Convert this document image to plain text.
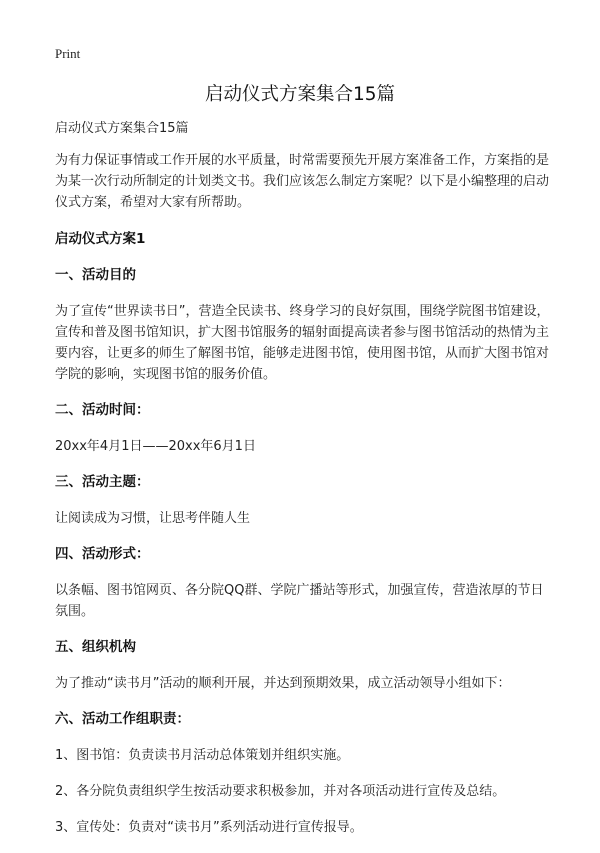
Print
启动仪式方案集合15篇

启动仪式方案集合15篇

为有力保证事情或工作开展的水平质量，时常需要预先开展方案准备工作，方案指的是为某一次行动所制定的计划类文书。我们应该怎么制定方案呢？以下是小编整理的启动仪式方案，希望对大家有所帮助。

启动仪式方案1
一、活动目的

为了宣传“世界读书日”，营造全民读书、终身学习的良好氛围，围绕学院图书馆建设，宣传和普及图书馆知识，扩大图书馆服务的辐射面提高读者参与图书馆活动的热情为主要内容，让更多的师生了解图书馆，能够走进图书馆，使用图书馆，从而扩大图书馆对学院的影响，实现图书馆的服务价值。

二、活动时间：

20xx年4月1日——20xx年6月1日

三、活动主题：

让阅读成为习惯，让思考伴随人生

四、活动形式：

以条幅、图书馆网页、各分院QQ群、学院广播站等形式，加强宣传，营造浓厚的节日氛围。

五、组织机构

为了推动“读书月”活动的顺利开展，并达到预期效果，成立活动领导小组如下：

六、活动工作组职责：

1、图书馆：负责读书月活动总体策划并组织实施。

2、各分院负责组织学生按活动要求积极参加，并对各项活动进行宣传及总结。

3、宣传处：负责对“读书月”系列活动进行宣传报导。
